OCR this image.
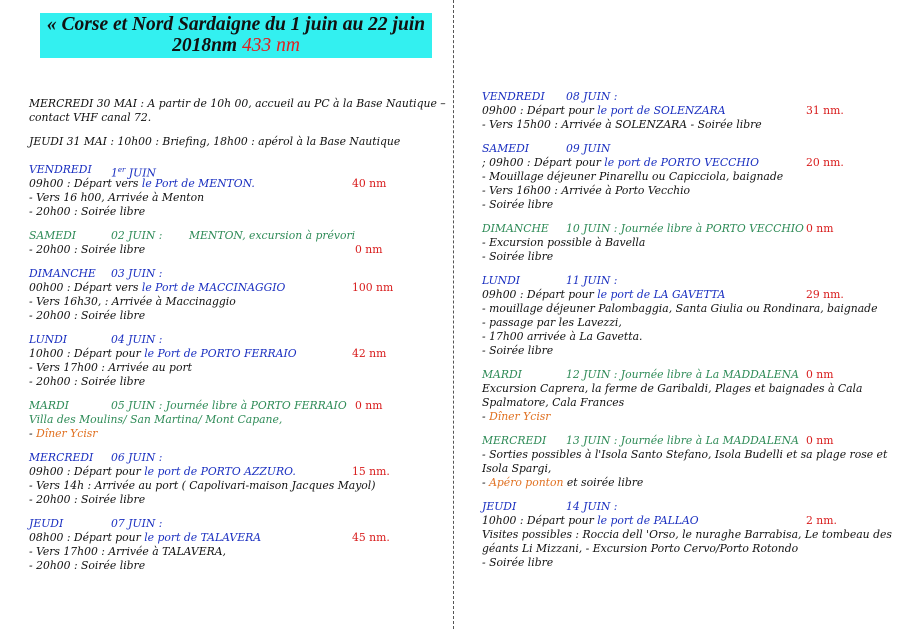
« Corse et Nord Sardaigne du 1 juin au 22 juin
2018nm 433 nm
MERCREDI 30 MAI : A partir de 10h 00, accueil au PC à la Base Nautique –
contact VHF canal 72.
JEUDI 31 MAI : 10h00 : Briefing, 18h00 : apérol à la Base Nautique
VENDREDI 1er JUIN
09h00 : Départ vers le Port de MENTON.	40 nm
- Vers 16 h00, Arrivée à Menton
- 20h00 : Soirée libre
SAMEDI	02 JUIN : MENTON, excursion à prévori
- 20h00 : Soirée libre	0 nm
DIMANCHE 03 JUIN :
00h00 : Départ vers le Port de MACCINAGGIO	100 nm
- Vers 16h30, : Arrivée à Maccinaggio
- 20h00 : Soirée libre
LUNDI	04 JUIN :
10h00 : Départ pour le Port de PORTO FERRAIO	42 nm
- Vers 17h00 : Arrivée au port
- 20h00 : Soirée libre
MARDI	05 JUIN : Journée libre à PORTO FERRAIO 0 nm
Villa des Moulins/ San Martina/ Mont Capane,
- Dîner Ycisr
MERCREDI 06 JUIN :
09h00 : Départ pour le port de PORTO AZZURO.	15 nm.
- Vers 14h : Arrivée au port ( Capolivari-maison Jacques Mayol)
- 20h00 : Soirée libre
JEUDI	07 JUIN :
08h00 : Départ pour le port de TALAVERA	45 nm.
- Vers 17h00 : Arrivée à TALAVERA,
- 20h00 : Soirée libre
VENDREDI 08 JUIN :
09h00 : Départ pour le port de SOLENZARA	31 nm.
- Vers 15h00 : Arrivée à SOLENZARA - Soirée libre
SAMEDI	09 JUIN
; 09h00 : Départ pour le port de PORTO VECCHIO	20 nm.
- Mouillage déjeuner Pinarellu ou Capicciola, baignade
- Vers 16h00 : Arrivée à Porto Vecchio
- Soirée libre
DIMANCHE 10 JUIN : Journée libre à PORTO VECCHIO 0 nm
- Excursion possible à Bavella
- Soirée libre
LUNDI	11 JUIN :
09h00 : Départ pour le port de LA GAVETTA	29 nm.
- mouillage déjeuner Palombaggia, Santa Giulia ou Rondinara, baignade
- passage par les Lavezzi,
- 17h00 arrivée à La Gavetta.
- Soirée libre
MARDI	12 JUIN : Journée libre à La MADDALENA 0 nm
Excursion Caprera, la ferme de Garibaldi, Plages et baignades à Cala
Spalmatore, Cala Frances
- Dîner Ycisr
MERCREDI 13 JUIN : Journée libre à La MADDALENA 0 nm
- Sorties possibles à l'Isola Santo Stefano, Isola Budelli et sa plage rose et
Isola Spargi,
- Apéro ponton et soirée libre
JEUDI	14 JUIN :
10h00 : Départ pour le port de PALLAO	2 nm.
Visites possibles : Roccia dell 'Orso, le nuraghe Barrabisa, Le tombeau des
géants Li Mizzani, - Excursion Porto Cervo/Porto Rotondo
- Soirée libre
